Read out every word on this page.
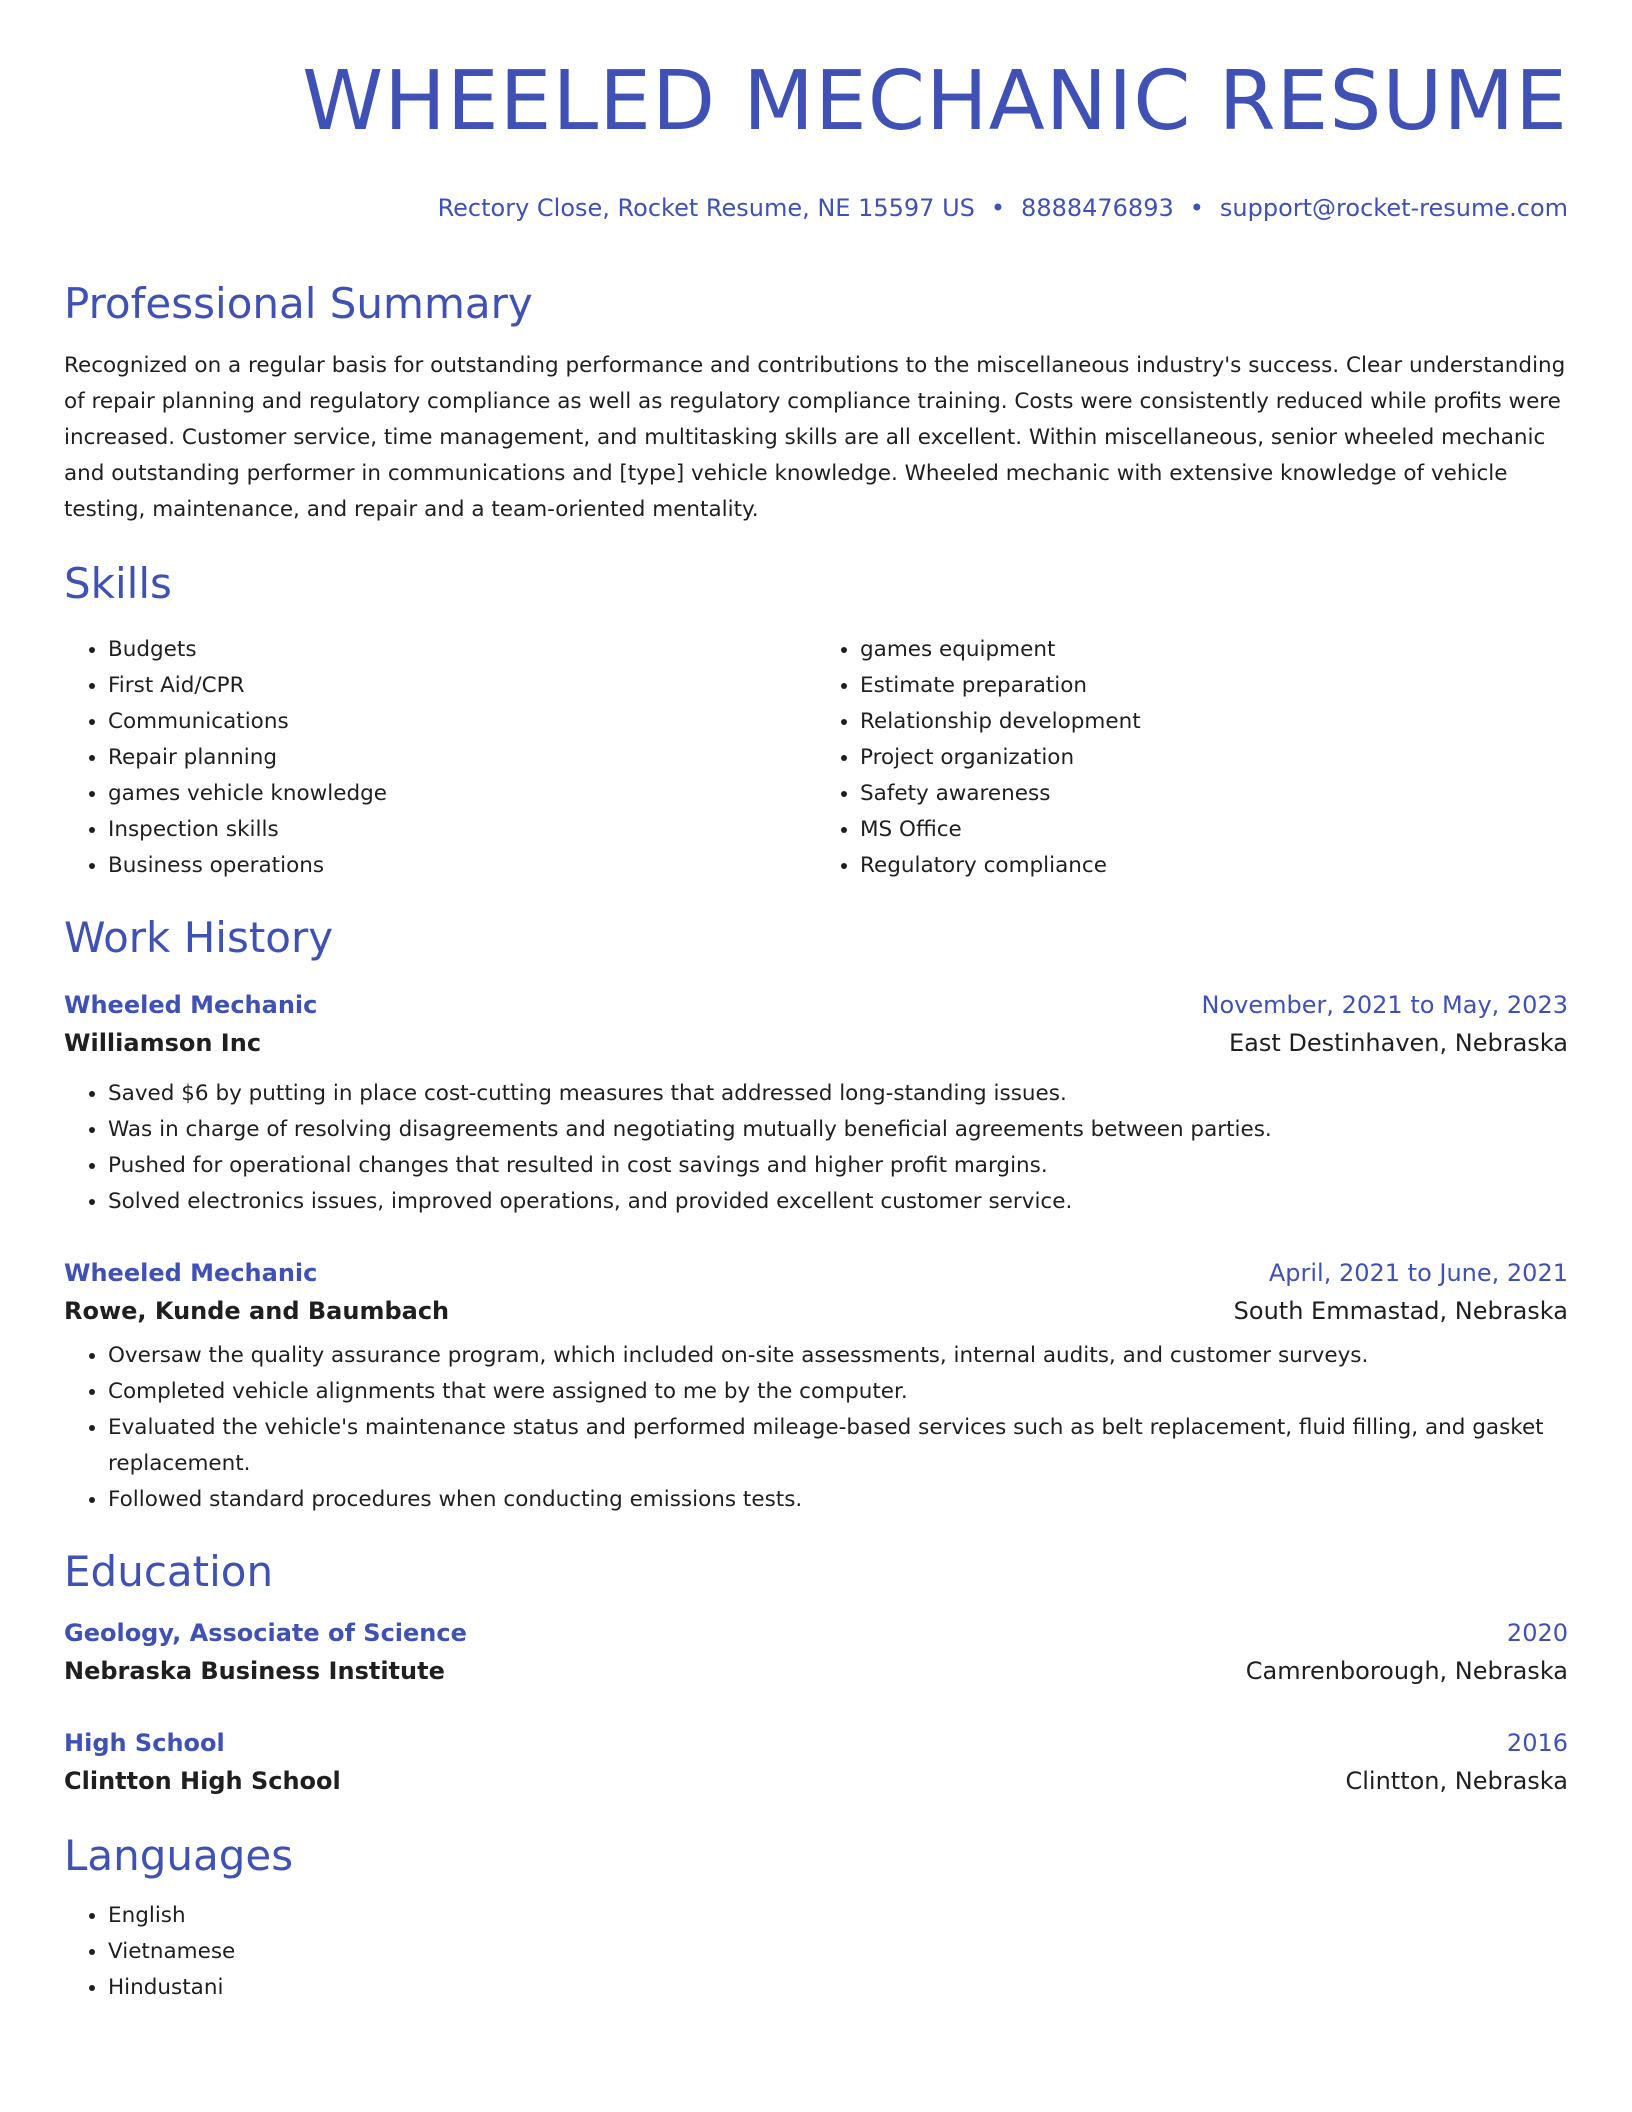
WHEELED MECHANIC RESUME
Rectory Close, Rocket Resume, NE 15597 US • 8888476893 • support@rocket-resume.com
Professional Summary
Recognized on a regular basis for outstanding performance and contributions to the miscellaneous industry's success. Clear understanding of repair planning and regulatory compliance as well as regulatory compliance training. Costs were consistently reduced while profits were increased. Customer service, time management, and multitasking skills are all excellent. Within miscellaneous, senior wheeled mechanic and outstanding performer in communications and [type] vehicle knowledge. Wheeled mechanic with extensive knowledge of vehicle testing, maintenance, and repair and a team-oriented mentality.
Skills
• Budgets
• First Aid/CPR
• Communications
• Repair planning
• games vehicle knowledge
• Inspection skills
• Business operations
• games equipment
• Estimate preparation
• Relationship development
• Project organization
• Safety awareness
• MS Office
• Regulatory compliance
Work History
Wheeled Mechanic	November, 2021 to May, 2023
Williamson Inc	East Destinhaven, Nebraska
• Saved $6 by putting in place cost-cutting measures that addressed long-standing issues.
• Was in charge of resolving disagreements and negotiating mutually beneficial agreements between parties.
• Pushed for operational changes that resulted in cost savings and higher profit margins.
• Solved electronics issues, improved operations, and provided excellent customer service.
Wheeled Mechanic	April, 2021 to June, 2021
Rowe, Kunde and Baumbach	South Emmastad, Nebraska
• Oversaw the quality assurance program, which included on-site assessments, internal audits, and customer surveys.
• Completed vehicle alignments that were assigned to me by the computer.
• Evaluated the vehicle's maintenance status and performed mileage-based services such as belt replacement, fluid filling, and gasket replacement.
• Followed standard procedures when conducting emissions tests.
Education
Geology, Associate of Science	2020
Nebraska Business Institute	Camrenborough, Nebraska
High School	2016
Clintton High School	Clintton, Nebraska
Languages
• English
• Vietnamese
• Hindustani
